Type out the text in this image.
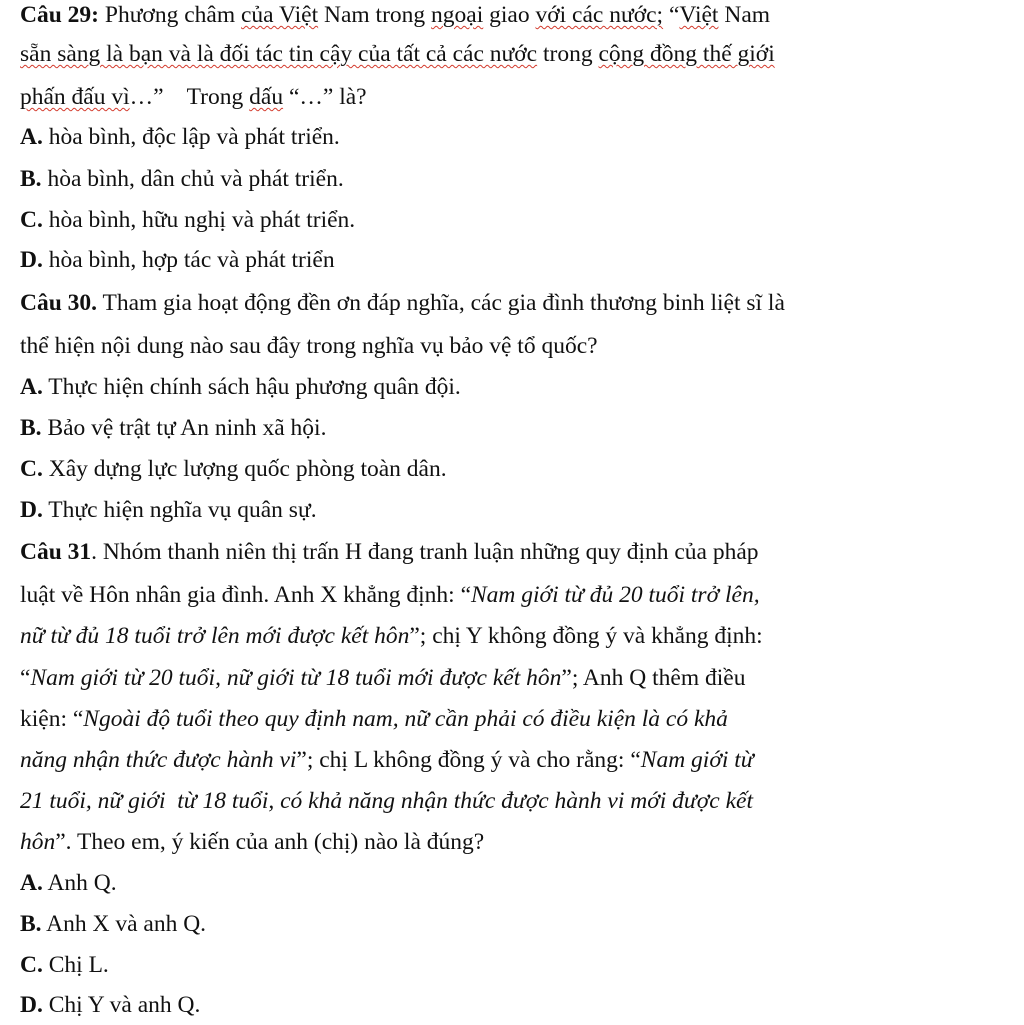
Câu 29: Phương châm của Việt Nam trong ngoại giao với các nước; “Việt Nam
sẵn sàng là bạn và là đối tác tin cậy của tất cả các nước trong cộng đồng thế giới
phấn đấu vì…”    Trong dấu “…” là?
A. hòa bình, độc lập và phát triển.
B. hòa bình, dân chủ và phát triển.
C. hòa bình, hữu nghị và phát triển.
D. hòa bình, hợp tác và phát triển
Câu 30. Tham gia hoạt động đền ơn đáp nghĩa, các gia đình thương binh liệt sĩ là
thể hiện nội dung nào sau đây trong nghĩa vụ bảo vệ tổ quốc?
A. Thực hiện chính sách hậu phương quân đội.
B. Bảo vệ trật tự An ninh xã hội.
C. Xây dựng lực lượng quốc phòng toàn dân.
D. Thực hiện nghĩa vụ quân sự.
Câu 31. Nhóm thanh niên thị trấn H đang tranh luận những quy định của pháp
luật về Hôn nhân gia đình. Anh X khẳng định: “Nam giới từ đủ 20 tuổi trở lên,
nữ từ đủ 18 tuổi trở lên mới được kết hôn”; chị Y không đồng ý và khẳng định:
“Nam giới từ 20 tuổi, nữ giới từ 18 tuổi mới được kết hôn”; Anh Q thêm điều
kiện: “Ngoài độ tuổi theo quy định nam, nữ cần phải có điều kiện là có khả
năng nhận thức được hành vi”; chị L không đồng ý và cho rằng: “Nam giới từ
21 tuổi, nữ giới  từ 18 tuổi, có khả năng nhận thức được hành vi mới được kết
hôn”. Theo em, ý kiến của anh (chị) nào là đúng?
A. Anh Q.
B. Anh X và anh Q.
C. Chị L.
D. Chị Y và anh Q.
